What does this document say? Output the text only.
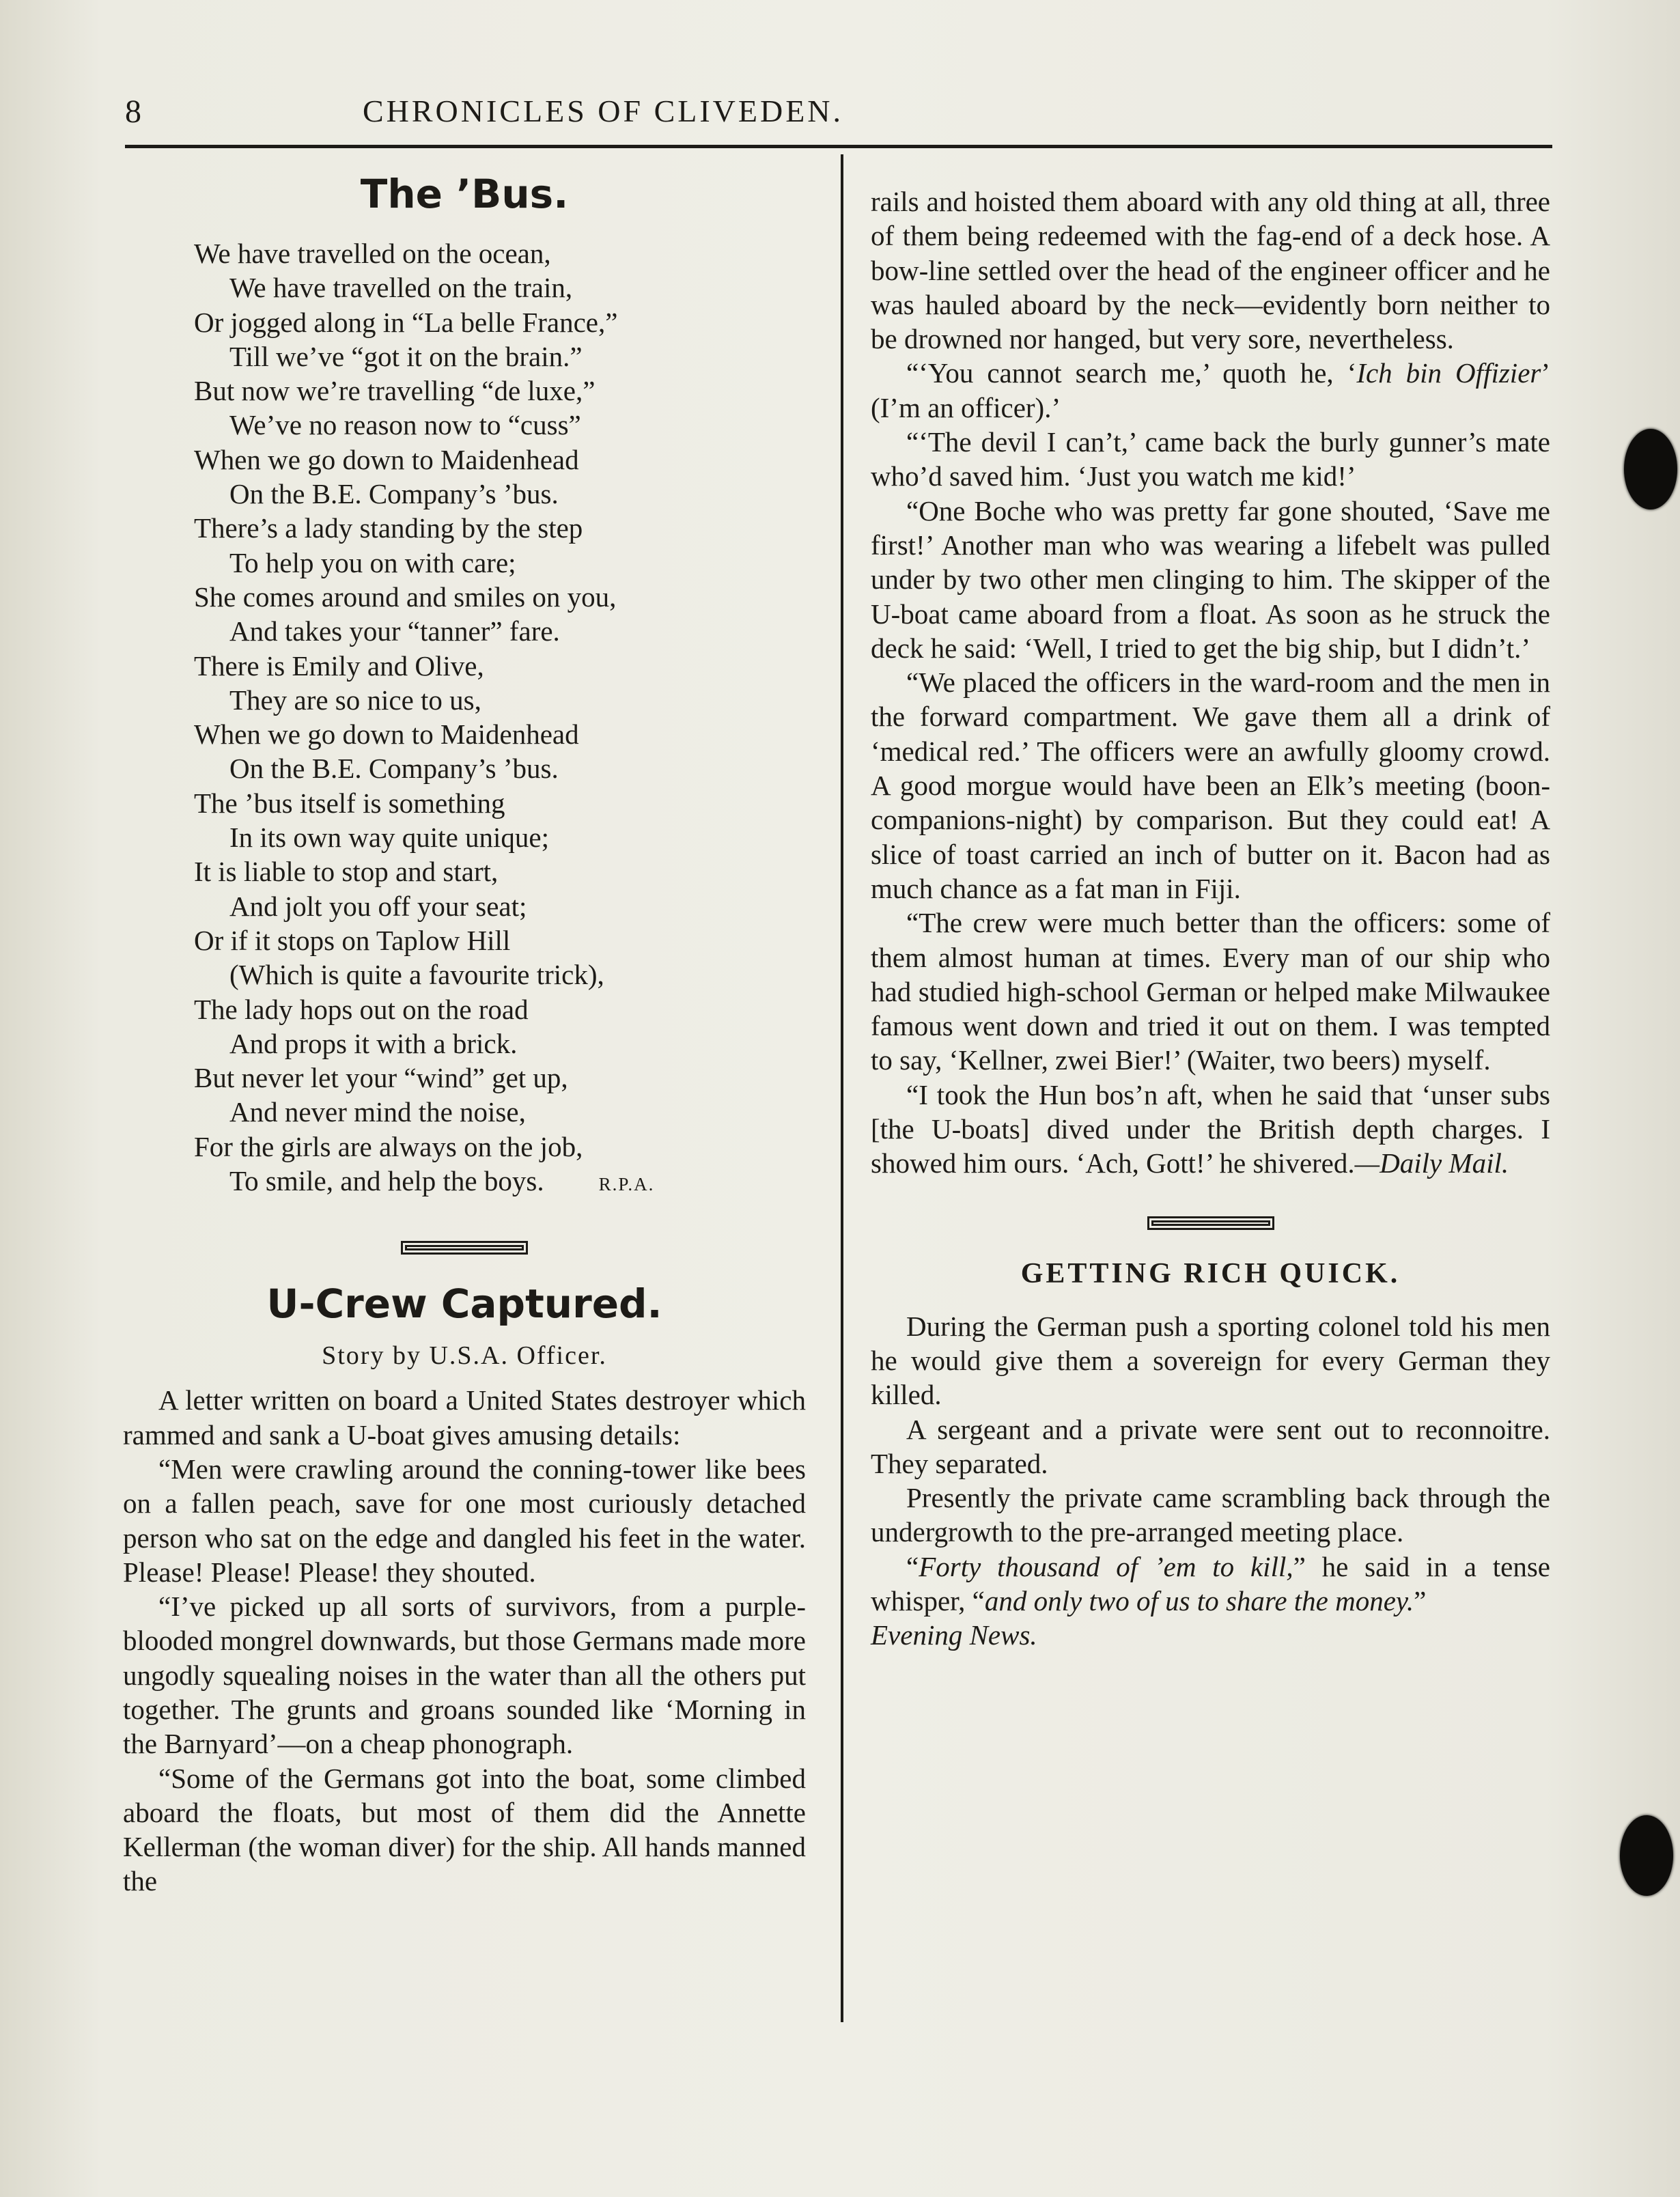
8	CHRONICLES OF CLIVEDEN.
The ’Bus.
We have travelled on the ocean,
We have travelled on the train,
Or jogged along in “La belle France,”
Till we’ve “got it on the brain.”
But now we’re travelling “de luxe,”
We’ve no reason now to “cuss”
When we go down to Maidenhead
On the B.E. Company’s ’bus.
There’s a lady standing by the step
To help you on with care;
She comes around and smiles on you,
And takes your “tanner” fare.
There is Emily and Olive,
They are so nice to us,
When we go down to Maidenhead
On the B.E. Company’s ’bus.
The ’bus itself is something
In its own way quite unique;
It is liable to stop and start,
And jolt you off your seat;
Or if it stops on Taplow Hill
(Which is quite a favourite trick),
The lady hops out on the road
And props it with a brick.
But never let your “wind” get up,
And never mind the noise,
For the girls are always on the job,
To smile, and help the boys.	R.P.A.
U-Crew Captured.

Story by U.S.A. Officer.

A letter written on board a United States destroyer which rammed and sank a U-boat gives amusing details:

“Men were crawling around the conning-tower like bees on a fallen peach, save for one most curiously detached person who sat on the edge and dangled his feet in the water. Please! Please! Please! they shouted.

“I’ve picked up all sorts of survivors, from a purple-blooded mongrel downwards, but those Germans made more ungodly squealing noises in the water than all the others put together. The grunts and groans sounded like ‘Morning in the Barnyard’—on a cheap phonograph.

“Some of the Germans got into the boat, some climbed aboard the floats, but most of them did the Annette Kellerman (the woman diver) for the ship. All hands manned the

rails and hoisted them aboard with any old thing at all, three of them being redeemed with the fag-end of a deck hose. A bow-line settled over the head of the engineer officer and he was hauled aboard by the neck—evidently born neither to be drowned nor hanged, but very sore, nevertheless.

“‘You cannot search me,’ quoth he, ‘Ich bin Offizier’ (I’m an officer).’

“‘The devil I can’t,’ came back the burly gunner’s mate who’d saved him. ‘Just you watch me kid!’

“One Boche who was pretty far gone shouted, ‘Save me first!’ Another man who was wearing a lifebelt was pulled under by two other men clinging to him. The skipper of the U-boat came aboard from a float. As soon as he struck the deck he said: ‘Well, I tried to get the big ship, but I didn’t.’

“We placed the officers in the ward-room and the men in the forward compartment. We gave them all a drink of ‘medical red.’ The officers were an awfully gloomy crowd. A good morgue would have been an Elk’s meeting (boon-companions-night) by comparison. But they could eat! A slice of toast carried an inch of butter on it. Bacon had as much chance as a fat man in Fiji.

“The crew were much better than the officers: some of them almost human at times. Every man of our ship who had studied high-school German or helped make Milwaukee famous went down and tried it out on them. I was tempted to say, ‘Kellner, zwei Bier!’ (Waiter, two beers) myself.

“I took the Hun bos’n aft, when he said that ‘unser subs [the U-boats] dived under the British depth charges. I showed him ours. ‘Ach, Gott!’ he shivered.—Daily Mail.

GETTING RICH QUICK.

During the German push a sporting colonel told his men he would give them a sovereign for every German they killed.

A sergeant and a private were sent out to reconnoitre. They separated.

Presently the private came scrambling back through the undergrowth to the pre-arranged meeting place.

“Forty thousand of ’em to kill,” he said in a tense whisper, “and only two of us to share the money.”

Evening News.
